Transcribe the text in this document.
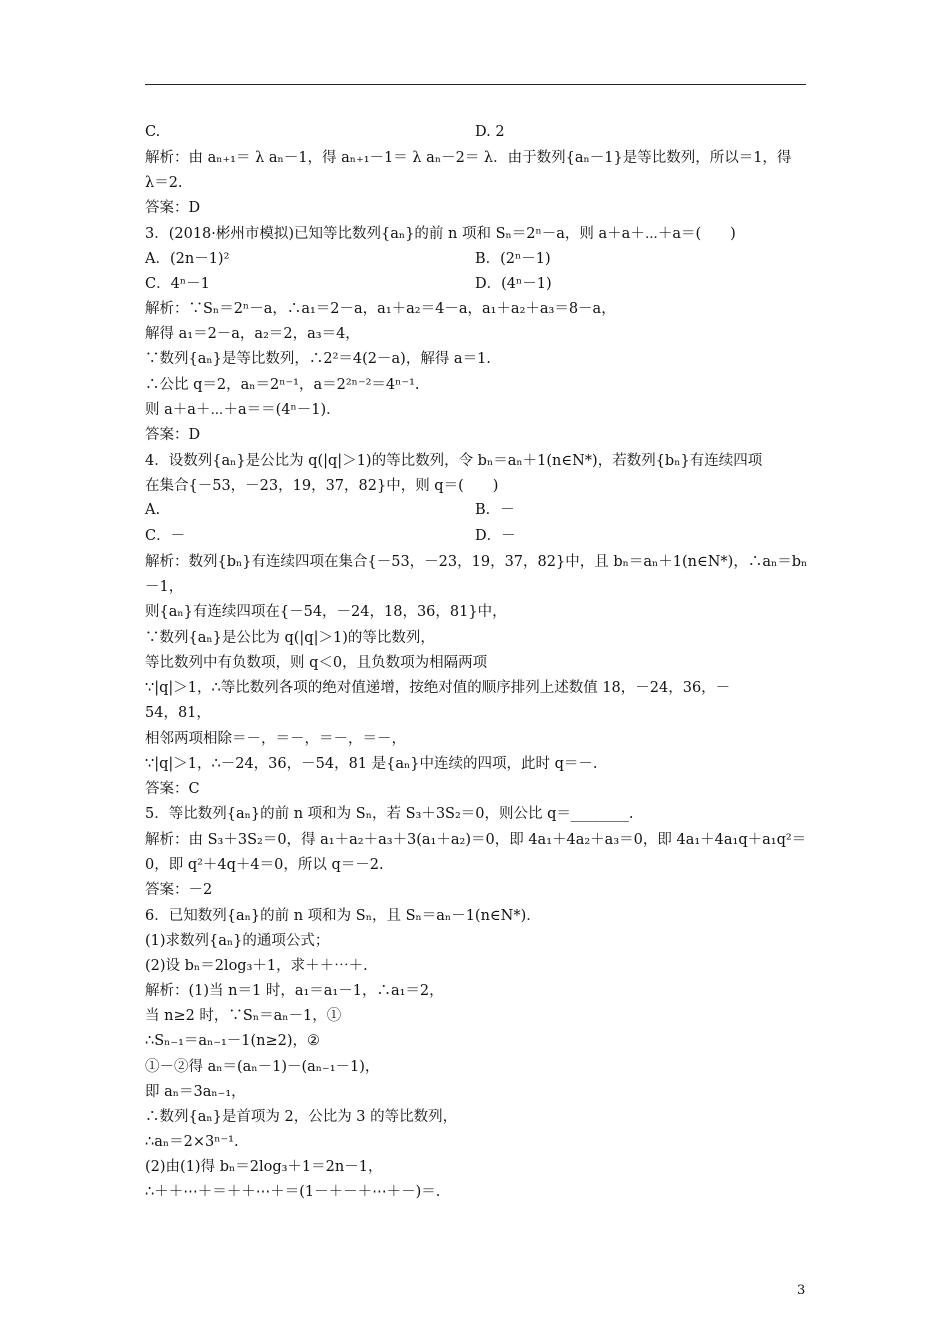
C.	D. 2
解析：由 aₙ₊₁＝ λ aₙ－1，得 aₙ₊₁－1＝ λ aₙ－2＝ λ．由于数列{aₙ－1}是等比数列，所以＝1，得
λ＝2.
答案：D
3．(2018·彬州市模拟)已知等比数列{aₙ}的前 n 项和 Sₙ＝2ⁿ－a，则 a＋a＋⋯＋a＝(　　)
A．(2n－1)²	B．(2ⁿ－1)
C．4ⁿ－1	D．(4ⁿ－1)
解析：∵Sₙ＝2ⁿ－a，∴a₁＝2－a，a₁＋a₂＝4－a，a₁＋a₂＋a₃＝8－a，
解得 a₁＝2－a，a₂＝2，a₃＝4，
∵数列{aₙ}是等比数列，∴2²＝4(2－a)，解得 a＝1.
∴公比 q＝2，aₙ＝2ⁿ⁻¹，a＝2²ⁿ⁻²＝4ⁿ⁻¹.
则 a＋a＋⋯＋a＝＝(4ⁿ－1)．
答案：D
4．设数列{aₙ}是公比为 q(|q|＞1)的等比数列，令 bₙ＝aₙ＋1(n∈N*)，若数列{bₙ}有连续四项
在集合{－53，－23，19，37，82}中，则 q＝(　　)
A.	B．－
C．－	D．－
解析：数列{bₙ}有连续四项在集合{－53，－23，19，37，82}中，且 bₙ＝aₙ＋1(n∈N*)，∴aₙ＝bₙ
－1，
则{aₙ}有连续四项在{－54，－24，18，36，81}中，
∵数列{aₙ}是公比为 q(|q|＞1)的等比数列，
等比数列中有负数项，则 q＜0，且负数项为相隔两项
∵|q|＞1，∴等比数列各项的绝对值递增，按绝对值的顺序排列上述数值 18，－24，36，－
54，81，
相邻两项相除＝－，＝－，＝－，＝－，
∵|q|＞1，∴－24，36，－54，81 是{aₙ}中连续的四项，此时 q＝－.
答案：C
5．等比数列{aₙ}的前 n 项和为 Sₙ，若 S₃＋3S₂＝0，则公比 q＝________.
解析：由 S₃＋3S₂＝0，得 a₁＋a₂＋a₃＋3(a₁＋a₂)＝0，即 4a₁＋4a₂＋a₃＝0，即 4a₁＋4a₁q＋a₁q²＝
0，即 q²＋4q＋4＝0，所以 q＝－2.
答案：－2
6．已知数列{aₙ}的前 n 项和为 Sₙ，且 Sₙ＝aₙ－1(n∈N*)．
(1)求数列{aₙ}的通项公式；
(2)设 bₙ＝2log₃＋1，求＋＋⋯＋.
解析：(1)当 n＝1 时，a₁＝a₁－1，∴a₁＝2，
当 n≥2 时，∵Sₙ＝aₙ－1，①
∴Sₙ₋₁＝aₙ₋₁－1(n≥2)，②
①－②得 aₙ＝(aₙ－1)－(aₙ₋₁－1)，
即 aₙ＝3aₙ₋₁，
∴数列{aₙ}是首项为 2，公比为 3 的等比数列，
∴aₙ＝2×3ⁿ⁻¹.
(2)由(1)得 bₙ＝2log₃＋1＝2n－1，
∴＋＋⋯＋＝＋＋⋯＋＝(1－＋－＋⋯＋－)＝.
3
